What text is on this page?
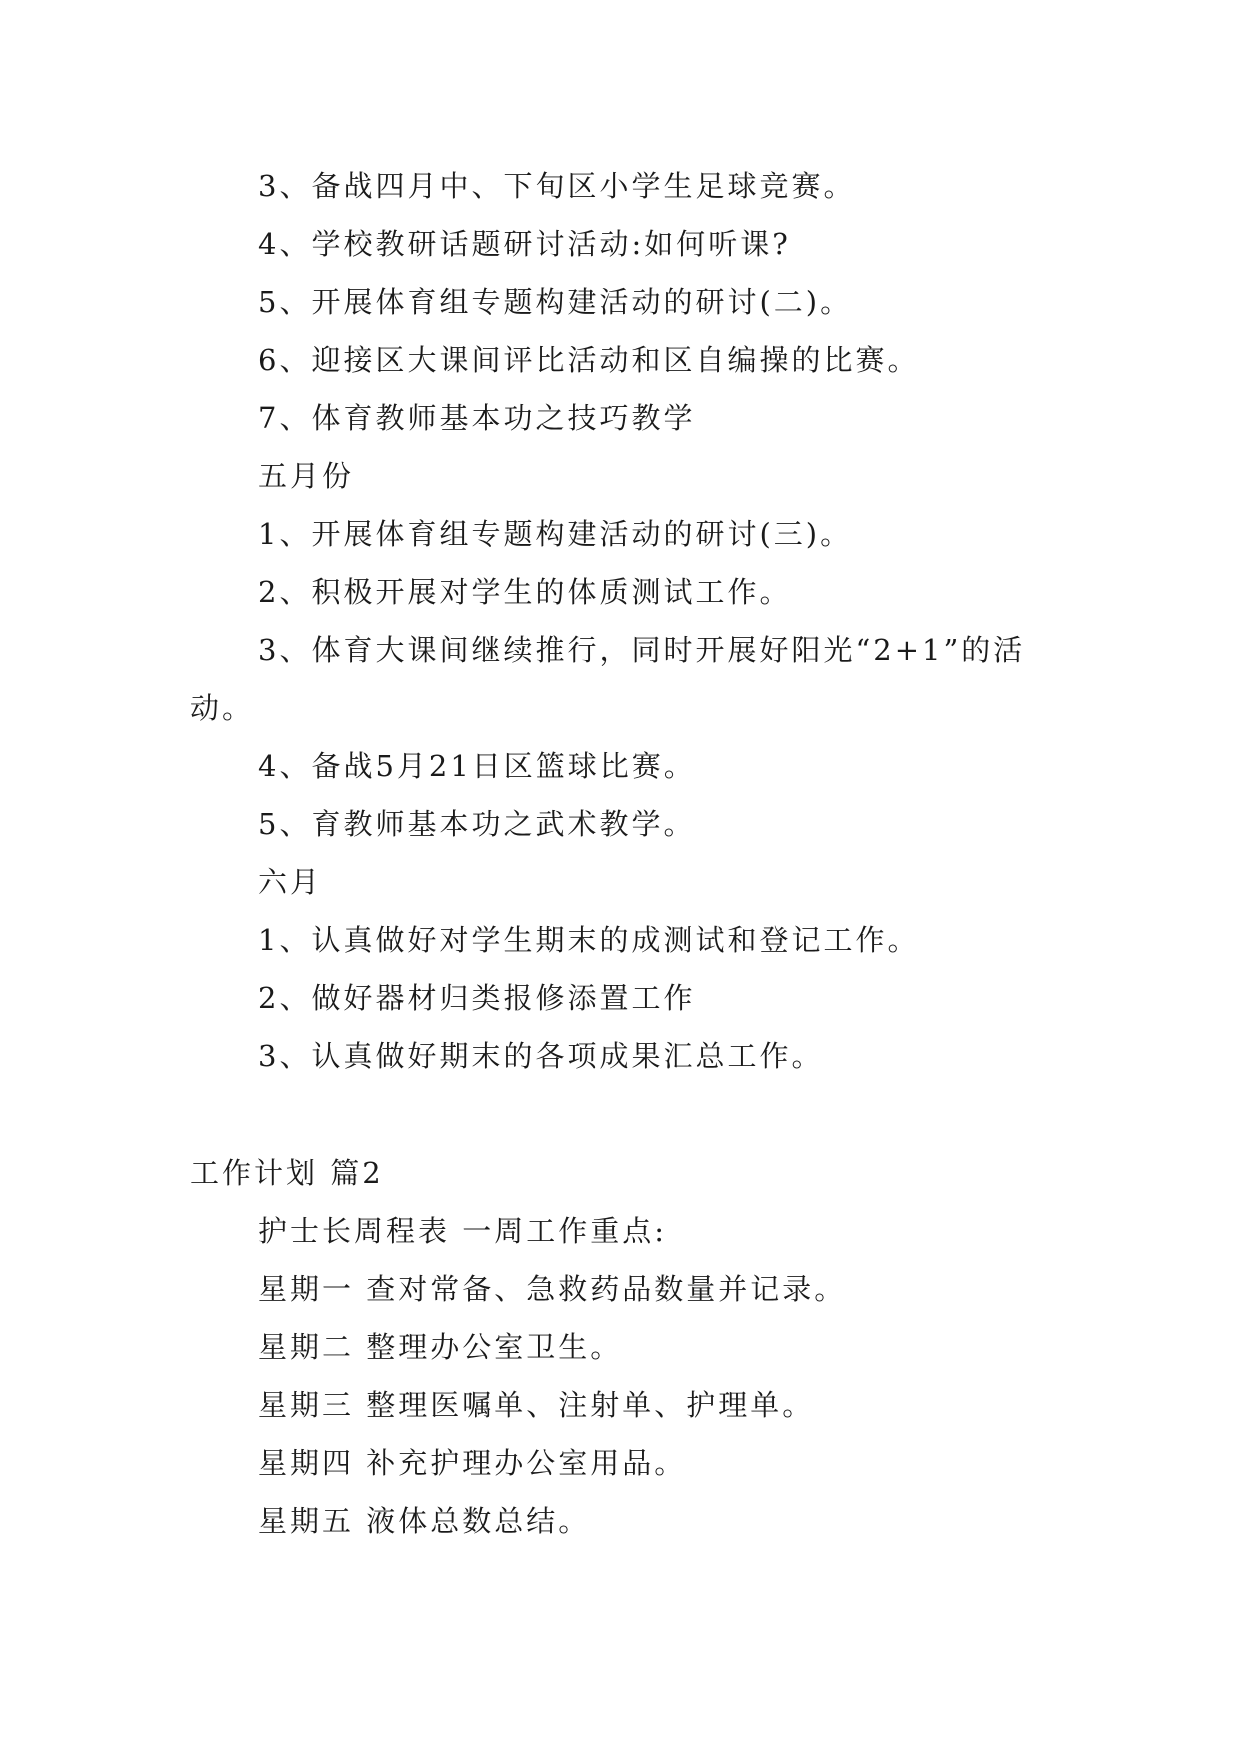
3、备战四月中、下旬区小学生足球竞赛。
4、学校教研话题研讨活动:如何听课?
5、开展体育组专题构建活动的研讨(二)。
6、迎接区大课间评比活动和区自编操的比赛。
7、体育教师基本功之技巧教学
五月份
1、开展体育组专题构建活动的研讨(三)。
2、积极开展对学生的体质测试工作。
3、体育大课间继续推行，同时开展好阳光“2+1”的活
动。
4、备战5月21日区篮球比赛。
5、育教师基本功之武术教学。
六月
1、认真做好对学生期末的成测试和登记工作。
2、做好器材归类报修添置工作
3、认真做好期末的各项成果汇总工作。
工作计划 篇2
护士长周程表 一周工作重点:
星期一 查对常备、急救药品数量并记录。
星期二 整理办公室卫生。
星期三 整理医嘱单、注射单、护理单。
星期四 补充护理办公室用品。
星期五 液体总数总结。
